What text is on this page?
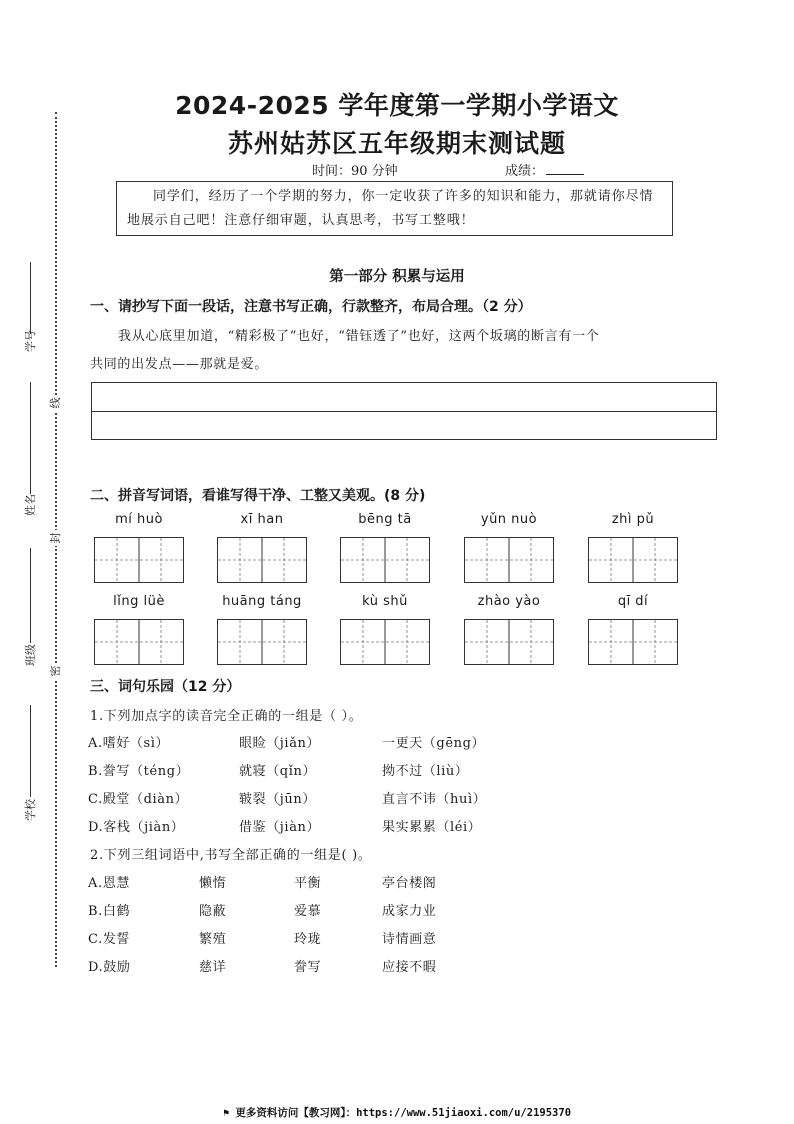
学号
姓名
班级
学校
线
封
密
2024-2025 学年度第一学期小学语文
苏州姑苏区五年级期末测试题
时间：90 分钟	成绩：
同学们，经历了一个学期的努力，你一定收获了许多的知识和能力，那就请你尽情地展示自己吧！注意仔细审题，认真思考，书写工整哦！
第一部分 积累与运用
一、请抄写下面一段话，注意书写正确，行款整齐，布局合理。（2 分）
我从心底里加道，“精彩极了”也好，“错钰透了”也好，这两个坂璃的断言有一个
共同的出发点——那就是爱。
二、拼音写词语，看谁写得干净、工整又美观。(8 分)
mí huò	xī han	bēng tā	yǔn nuò	zhì pǔ
lǐng lüè	huāng táng	kù shǔ	zhào yào	qī dí
三、词句乐园（12 分）
1.下列加点字的读音完全正确的一组是（ ）。
A.嗜好（sì）	眼睑（jiǎn）	一更天（gēng）
B.誊写（téng）	就寝（qǐn）	拗不过（liù）
C.殿堂（diàn）	皲裂（jūn）	直言不讳（huì）
D.客栈（jiàn）	借鉴（jiàn）	果实累累（léi）
2.下列三组词语中,书写全部正确的一组是( )。
A.恩慧	懒惰	平衡	亭台楼阁
B.白鹤	隐蔽	爱慕	成家力业
C.发誓	繁殖	玲珑	诗情画意
D.鼓励	慈详	誊写	应接不暇
⚑ 更多资料访问【教习网】：https://www.51jiaoxi.com/u/2195370
